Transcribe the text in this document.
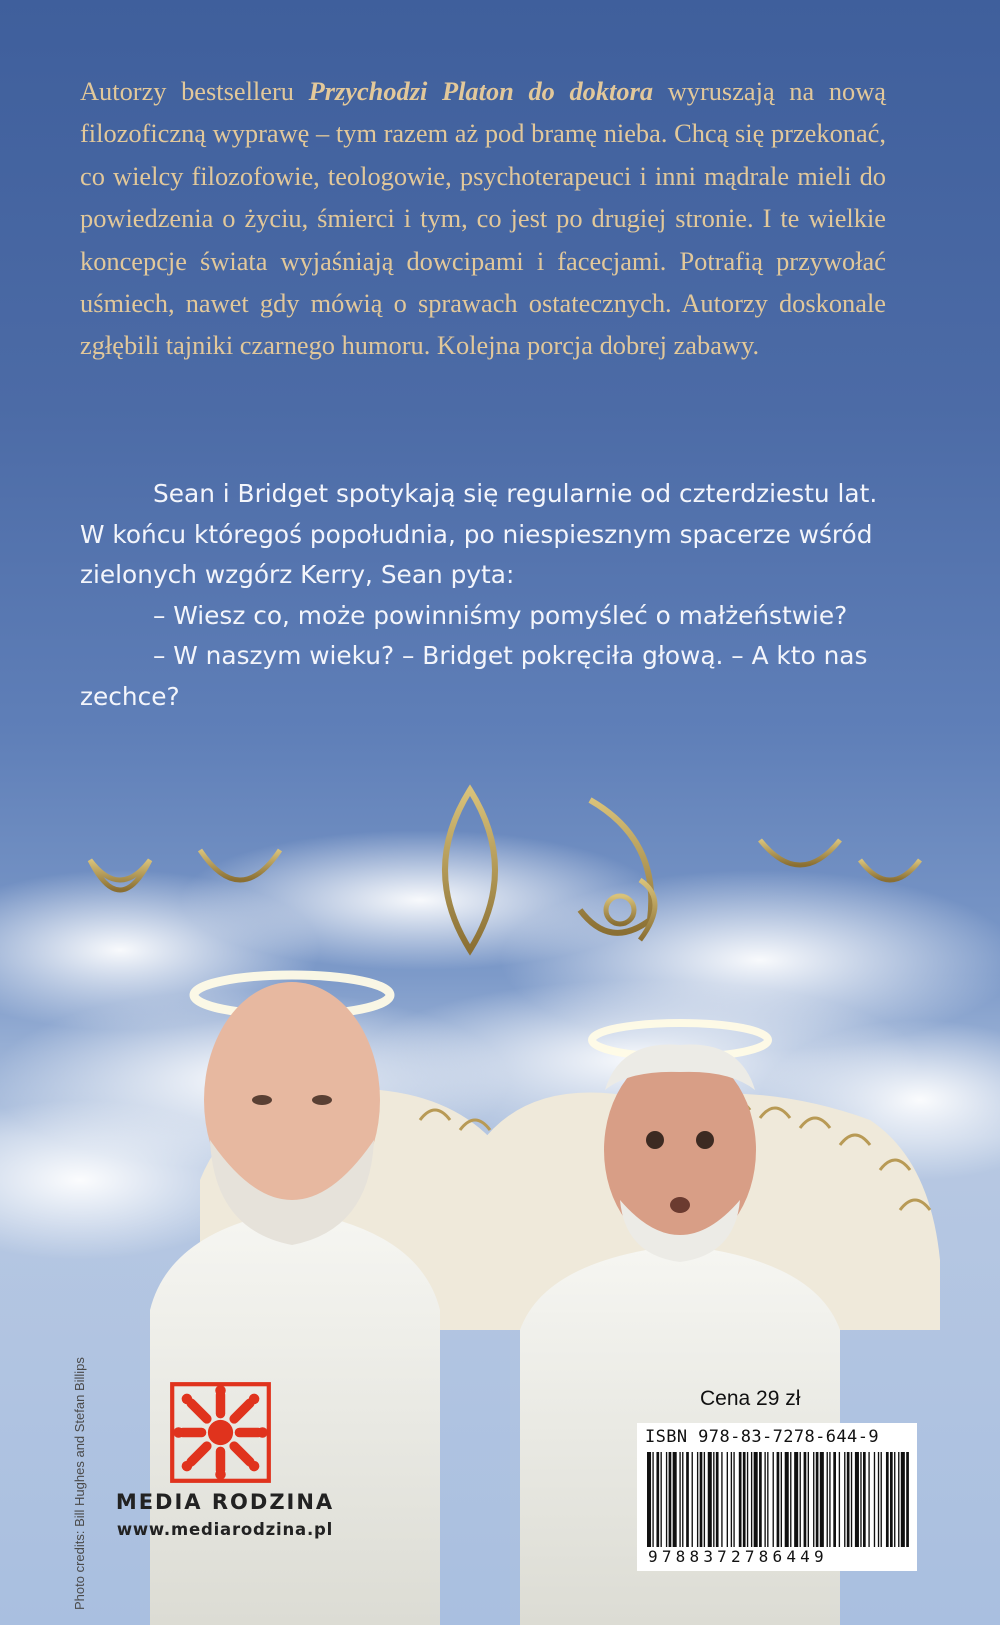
Autorzy bestselleru Przychodzi Platon do doktora wyruszają na nową filozoficzną wyprawę – tym razem aż pod bramę nieba. Chcą się przekonać, co wielcy filozofowie, teologowie, psychoterapeuci i inni mądrale mieli do powiedzenia o życiu, śmierci i tym, co jest po drugiej stronie. I te wielkie koncepcje świata wyjaśniają dowcipami i facecjami. Potrafią przywołać uśmiech, nawet gdy mówią o sprawach ostatecznych. Autorzy doskonale zgłębili tajniki czarnego humoru. Kolejna porcja dobrej zabawy.

Sean i Bridget spotykają się regularnie od czterdziestu lat. W końcu któregoś popołudnia, po niespiesznym spacerze wśród zielonych wzgórz Kerry, Sean pyta:

– Wiesz co, może powinniśmy pomyśleć o małżeństwie?

– W naszym wieku? – Bridget pokręciła głową. – A kto nas zechce?

Photo credits: Bill Hughes and Stefan Billips	MEDIA RODZINA
www.mediarodzina.pl
Cena 29 zł
ISBN 978-83-7278-644-9
9788372786449
